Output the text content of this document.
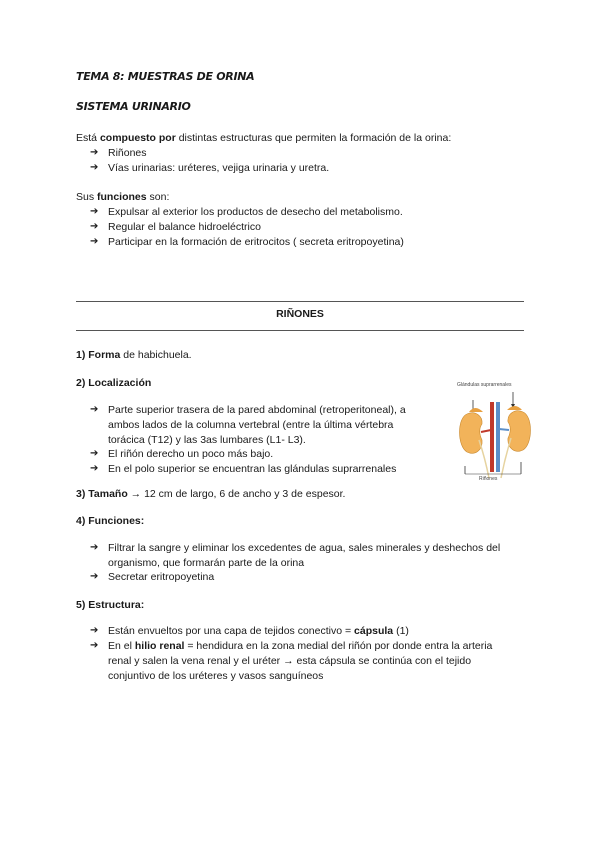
TEMA 8: MUESTRAS DE ORINA
SISTEMA URINARIO
Está compuesto por distintas estructuras que permiten la formación de la orina:
➔ Riñones
➔ Vías urinarias: uréteres, vejiga urinaria y uretra.
Sus funciones son:
➔ Expulsar al exterior los productos de desecho del metabolismo.
➔ Regular el balance hidroeléctrico
➔ Participar en la formación de eritrocitos ( secreta eritropoyetina)
RIÑONES
1) Forma de habichuela.
2) Localización
➔ Parte superior trasera de la pared abdominal (retroperitoneal), a
ambos lados de la columna vertebral (entre la última vértebra
torácica (T12) y las 3as lumbares (L1- L3).
➔ El riñón derecho un poco más bajo.
➔ En el polo superior se encuentran las glándulas suprarrenales
Glándulas suprarrenales
Riñones
3) Tamaño → 12 cm de largo, 6 de ancho y 3 de espesor.
4) Funciones:
➔ Filtrar la sangre y eliminar los excedentes de agua, sales minerales y deshechos del
organismo, que formarán parte de la orina
➔ Secretar eritropoyetina
5) Estructura:
➔ Están envueltos por una capa de tejidos conectivo = cápsula (1)
➔ En el hilio renal = hendidura en la zona medial del riñón por donde entra la arteria
renal y salen la vena renal y el uréter → esta cápsula se continúa con el tejido
conjuntivo de los uréteres y vasos sanguíneos
